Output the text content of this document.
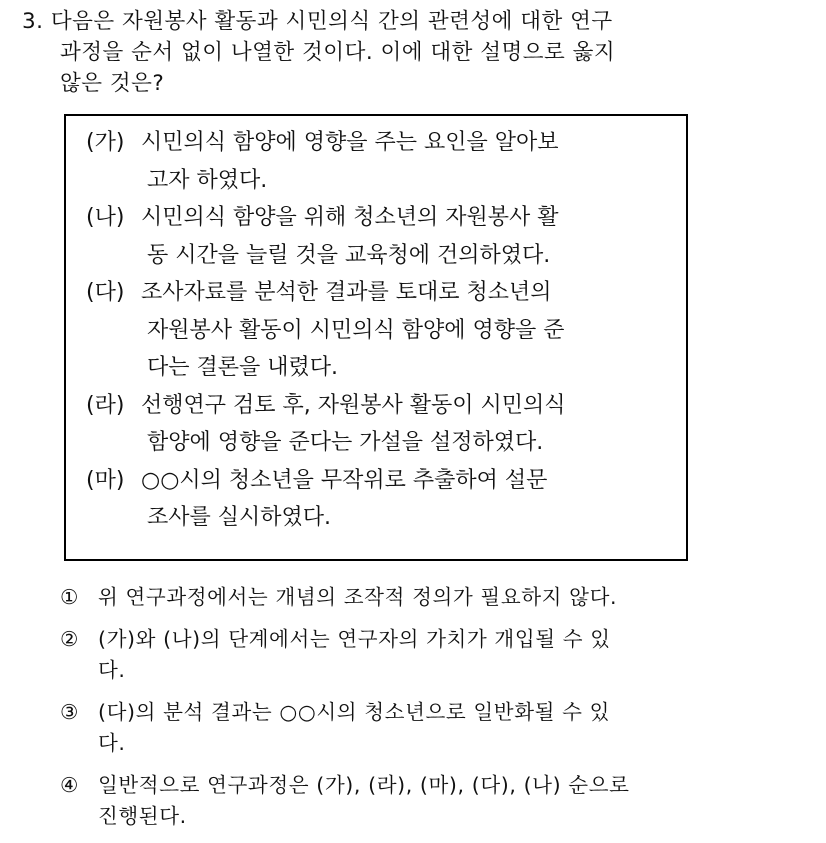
3. 다음은 자원봉사 활동과 시민의식 간의 관련성에 대한 연구
과정을 순서 없이 나열한 것이다. 이에 대한 설명으로 옳지
않은 것은?
(가) 시민의식 함양에 영향을 주는 요인을 알아보
고자 하였다.
(나) 시민의식 함양을 위해 청소년의 자원봉사 활
동 시간을 늘릴 것을 교육청에 건의하였다.
(다) 조사자료를 분석한 결과를 토대로 청소년의
자원봉사 활동이 시민의식 함양에 영향을 준
다는 결론을 내렸다.
(라) 선행연구 검토 후, 자원봉사 활동이 시민의식
함양에 영향을 준다는 가설을 설정하였다.
(마) ○○시의 청소년을 무작위로 추출하여 설문
조사를 실시하였다.
① 위 연구과정에서는 개념의 조작적 정의가 필요하지 않다.
② (가)와 (나)의 단계에서는 연구자의 가치가 개입될 수 있
다.
③ (다)의 분석 결과는 ○○시의 청소년으로 일반화될 수 있
다.
④ 일반적으로 연구과정은 (가), (라), (마), (다), (나) 순으로
진행된다.
